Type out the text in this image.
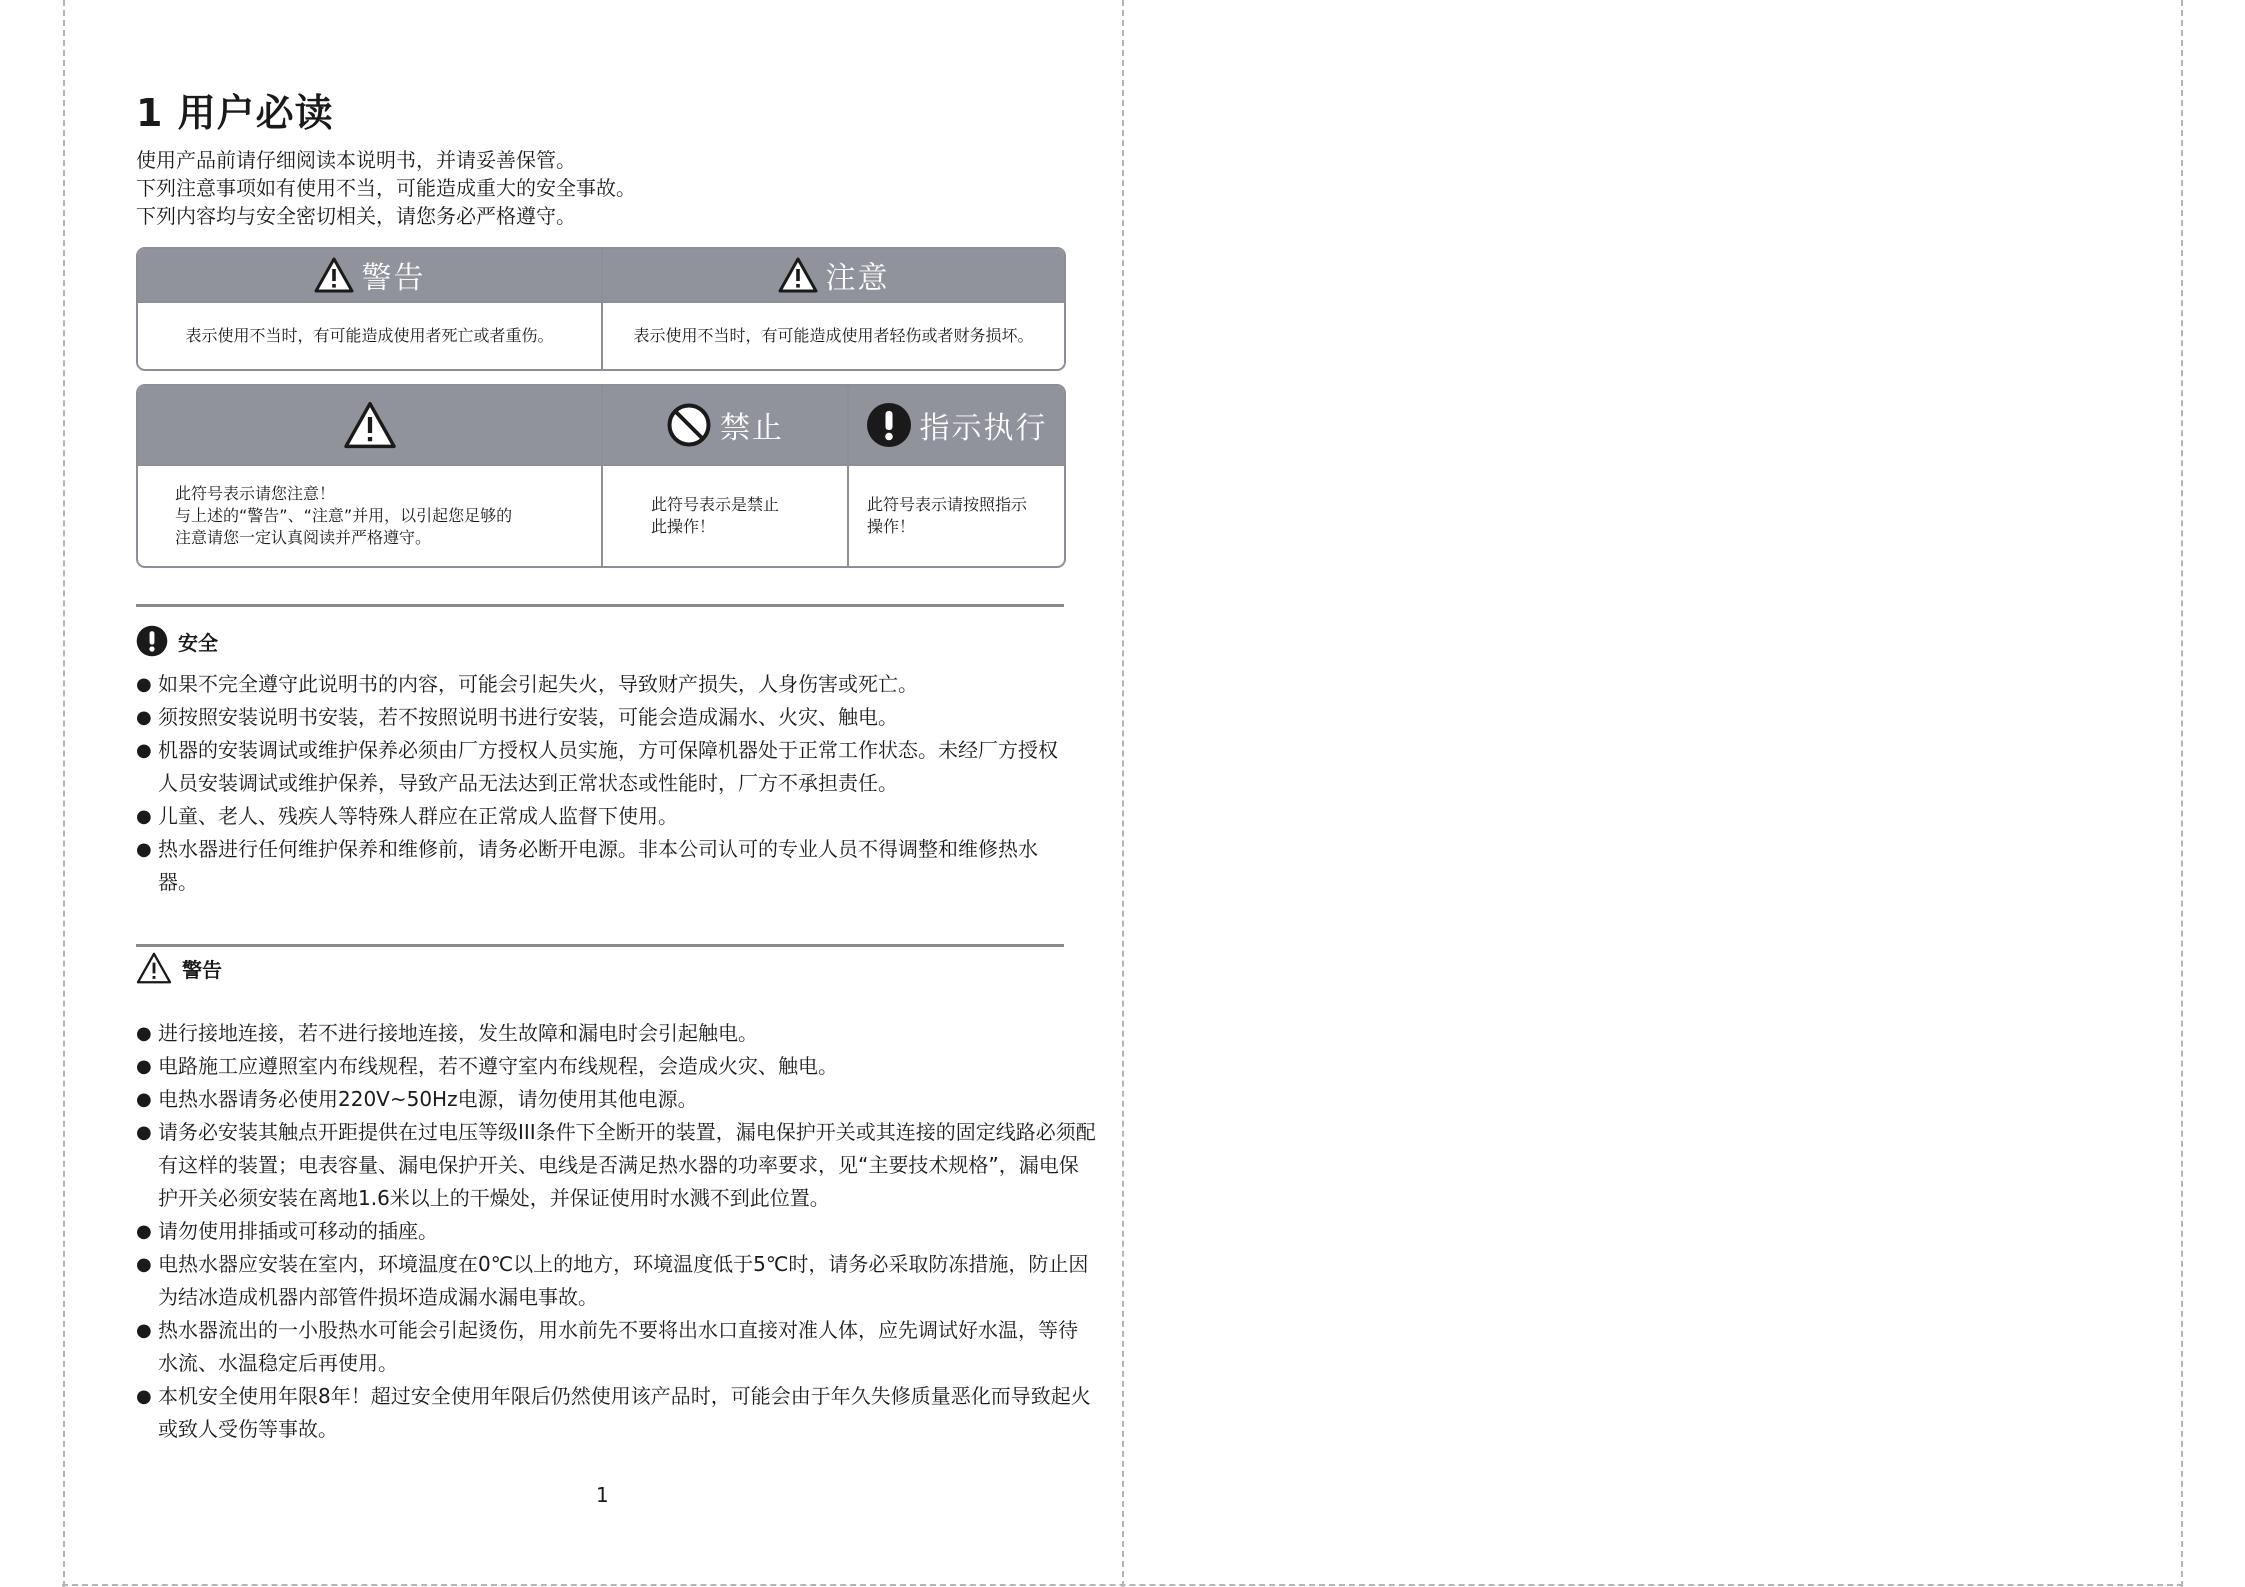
1 用户必读
使用产品前请仔细阅读本说明书，并请妥善保管。
下列注意事项如有使用不当，可能造成重大的安全事故。
下列内容均与安全密切相关，请您务必严格遵守。
警告
表示使用不当时，有可能造成使用者死亡或者重伤。
注意
表示使用不当时，有可能造成使用者轻伤或者财务损坏。
此符号表示请您注意！
与上述的“警告”、“注意”并用，以引起您足够的
注意请您一定认真阅读并严格遵守。
禁止
此符号表示是禁止
此操作！
指示执行
此符号表示请按照指示
操作！
安全
● 如果不完全遵守此说明书的内容，可能会引起失火，导致财产损失，人身伤害或死亡。
● 须按照安装说明书安装，若不按照说明书进行安装，可能会造成漏水、火灾、触电。
● 机器的安装调试或维护保养必须由厂方授权人员实施，方可保障机器处于正常工作状态。未经厂方授权人员安装调试或维护保养，导致产品无法达到正常状态或性能时，厂方不承担责任。
● 儿童、老人、残疾人等特殊人群应在正常成人监督下使用。
● 热水器进行任何维护保养和维修前，请务必断开电源。非本公司认可的专业人员不得调整和维修热水器。
警告
● 进行接地连接，若不进行接地连接，发生故障和漏电时会引起触电。
● 电路施工应遵照室内布线规程，若不遵守室内布线规程，会造成火灾、触电。
● 电热水器请务必使用220V~50Hz电源，请勿使用其他电源。
● 请务必安装其触点开距提供在过电压等级III条件下全断开的装置，漏电保护开关或其连接的固定线路必须配有这样的装置；电表容量、漏电保护开关、电线是否满足热水器的功率要求，见“主要技术规格”，漏电保护开关必须安装在离地1.6米以上的干燥处，并保证使用时水溅不到此位置。
● 请勿使用排插或可移动的插座。
● 电热水器应安装在室内，环境温度在0℃以上的地方，环境温度低于5℃时，请务必采取防冻措施，防止因为结冰造成机器内部管件损坏造成漏水漏电事故。
● 热水器流出的一小股热水可能会引起烫伤，用水前先不要将出水口直接对准人体，应先调试好水温，等待水流、水温稳定后再使用。
● 本机安全使用年限8年！超过安全使用年限后仍然使用该产品时，可能会由于年久失修质量恶化而导致起火或致人受伤等事故。
1
